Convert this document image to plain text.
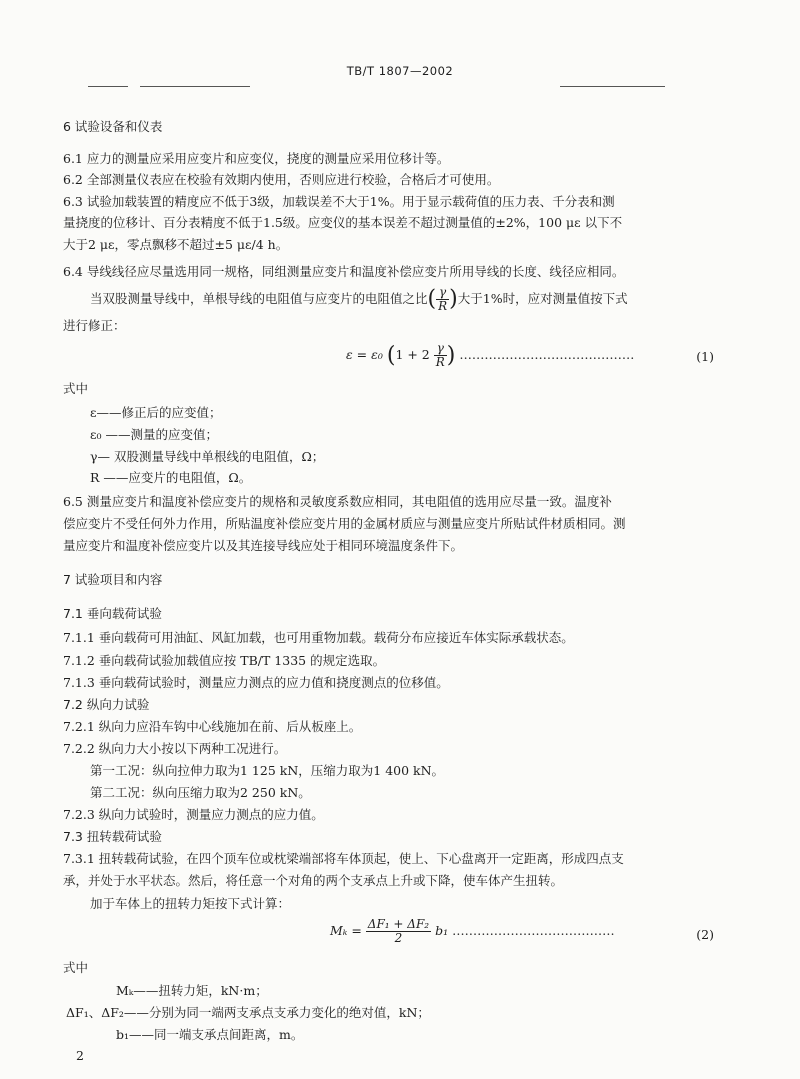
TB/T 1807—2002
6 试验设备和仪表
6.1 应力的测量应采用应变片和应变仪，挠度的测量应采用位移计等。
6.2 全部测量仪表应在校验有效期内使用，否则应进行校验，合格后才可使用。
6.3 试验加载装置的精度应不低于3级，加载误差不大于1%。用于显示载荷值的压力表、千分表和测
量挠度的位移计、百分表精度不低于1.5级。应变仪的基本误差不超过测量值的±2%，100 με 以下不
大于2 με，零点飘移不超过±5 με/4 h。
6.4 导线线径应尽量选用同一规格，同组测量应变片和温度补偿应变片所用导线的长度、线径应相同。
当双股测量导线中，单根导线的电阻值与应变片的电阻值之比( $\frac{\gamma}{R}$ )大于1%时，应对测量值按下式
进行修正：
ε = ε₀ ($1 + 2 \frac{\gamma}{R}$ ) ……………………………………	(1)
式中
ε——修正后的应变值；
ε₀ ——测量的应变值；
γ— 双股测量导线中单根线的电阻值，Ω；
R ——应变片的电阻值，Ω。
6.5 测量应变片和温度补偿应变片的规格和灵敏度系数应相同，其电阻值的选用应尽量一致。温度补
偿应变片不受任何外力作用，所贴温度补偿应变片用的金属材质应与测量应变片所贴试件材质相同。测
量应变片和温度补偿应变片以及其连接导线应处于相同环境温度条件下。
7 试验项目和内容
7.1 垂向载荷试验
7.1.1 垂向载荷可用油缸、风缸加载，也可用重物加载。载荷分布应接近车体实际承载状态。
7.1.2 垂向载荷试验加载值应按 TB/T 1335 的规定选取。
7.1.3 垂向载荷试验时，测量应力测点的应力值和挠度测点的位移值。
7.2 纵向力试验
7.2.1 纵向力应沿车钩中心线施加在前、后从板座上。
7.2.2 纵向力大小按以下两种工况进行。
第一工况：纵向拉伸力取为1 125 kN，压缩力取为1 400 kN。
第二工况：纵向压缩力取为2 250 kN。
7.2.3 纵向力试验时，测量应力测点的应力值。
7.3 扭转载荷试验
7.3.1 扭转载荷试验，在四个顶车位或枕梁端部将车体顶起，使上、下心盘离开一定距离，形成四点支
承，并处于水平状态。然后，将任意一个对角的两个支承点上升或下降，使车体产生扭转。
加于车体上的扭转力矩按下式计算：
$M_k = \frac{\text{ΔF₁ + ΔF₂}}{2} b_1$ …………………………………	(2)
式中
Mₖ——扭转力矩，kN·m；
ΔF₁、ΔF₂——分别为同一端两支承点支承力变化的绝对值，kN；
b₁——同一端支承点间距离，m。
2
